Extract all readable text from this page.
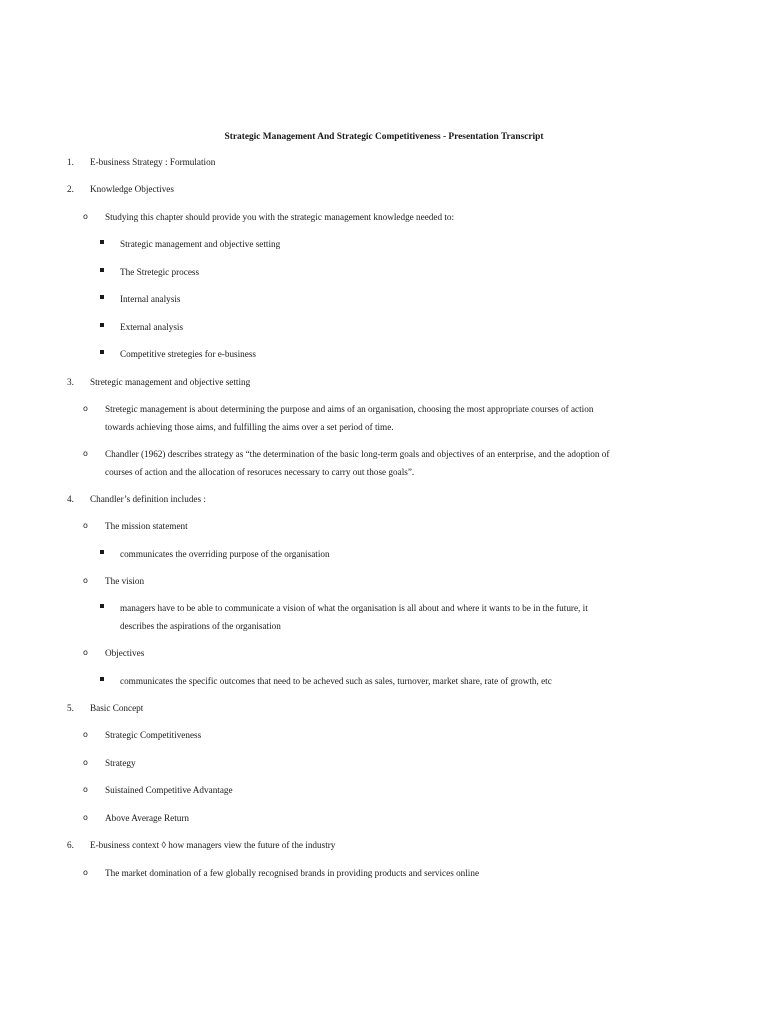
Strategic Management And Strategic Competitiveness - Presentation Transcript
1. E-business Strategy : Formulation
2. Knowledge Objectives
o Studying this chapter should provide you with the strategic management knowledge needed to:
Strategic management and objective setting
The Stretegic process
Internal analysis
External analysis
Competitive stretegies for e-business
3. Stretegic management and objective setting
o Stretegic management is about determining the purpose and aims of an organisation, choosing the most appropriate courses of action
towards achieving those aims, and fulfilling the aims over a set period of time.
o Chandler (1962) describes strategy as “the determination of the basic long-term goals and objectives of an enterprise, and the adoption of
courses of action and the allocation of resoruces necessary to carry out those goals”.
4. Chandler’s definition includes :
o The mission statement
communicates the overriding purpose of the organisation
o The vision
managers have to be able to communicate a vision of what the organisation is all about and where it wants to be in the future, it
describes the aspirations of the organisation
o Objectives
communicates the specific outcomes that need to be acheved such as sales, turnover, market share, rate of growth, etc
5. Basic Concept
o Strategic Competitiveness
o Strategy
o Suistained Competitive Advantage
o Above Average Return
6. E-business context ◊ how managers view the future of the industry
o The market domination of a few globally recognised brands in providing products and services online
